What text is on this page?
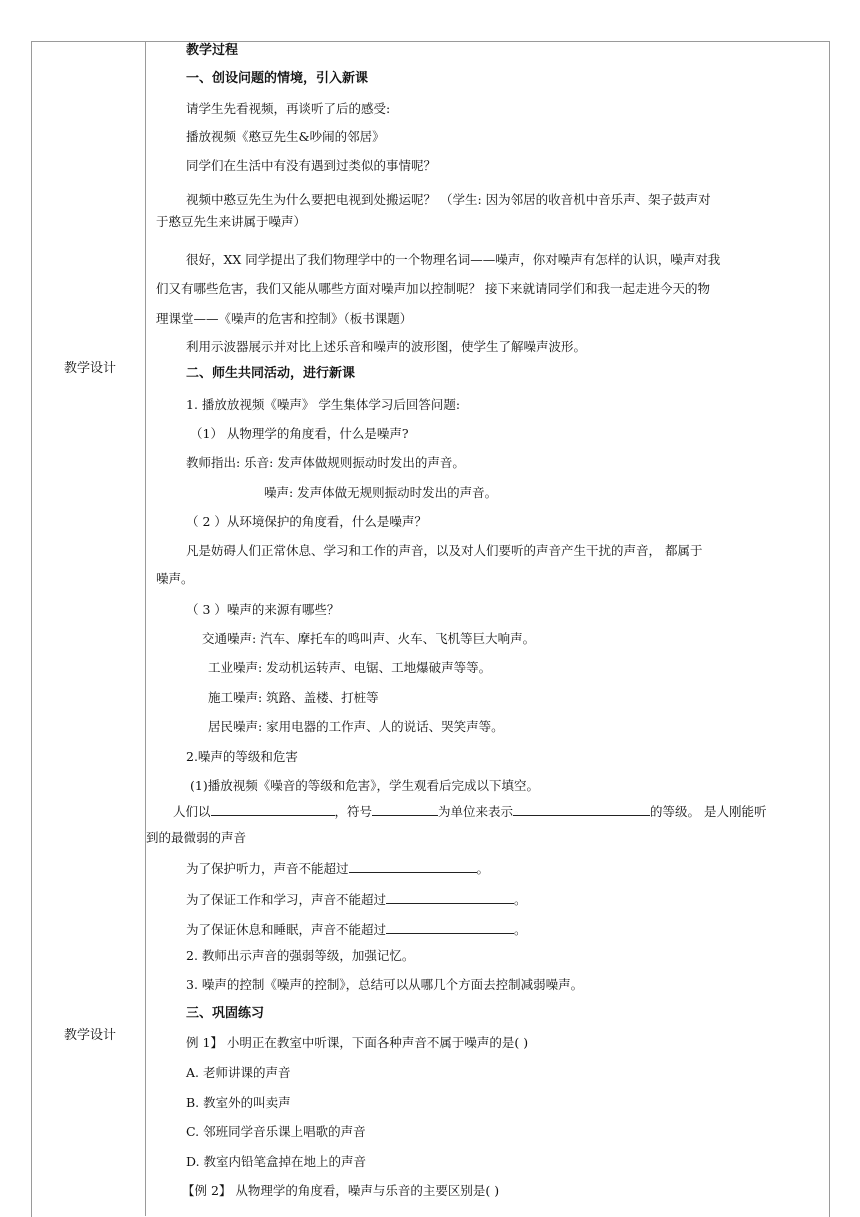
教学设计
教学设计
教学过程
一、创设问题的情境，引入新课
请学生先看视频，再谈听了后的感受:
播放视频《憨豆先生&吵闹的邻居》
同学们在生活中有没有遇到过类似的事情呢？
视频中憨豆先生为什么要把电视到处搬运呢？ （学生: 因为邻居的收音机中音乐声、架子鼓声对
于憨豆先生来讲属于噪声）
很好，XX 同学提出了我们物理学中的一个物理名词——噪声，你对噪声有怎样的认识，噪声对我
们又有哪些危害，我们又能从哪些方面对噪声加以控制呢？ 接下来就请同学们和我一起走进今天的物
理课堂——《噪声的危害和控制》（板书课题）
利用示波器展示并对比上述乐音和噪声的波形图，使学生了解噪声波形。
二、师生共同活动，进行新课
1. 播放放视频《噪声》 学生集体学习后回答问题:
（1） 从物理学的角度看，什么是噪声?
教师指出: 乐音: 发声体做规则振动时发出的声音。
噪声: 发声体做无规则振动时发出的声音。
（ 2 ）从环境保护的角度看，什么是噪声？
凡是妨碍人们正常休息、学习和工作的声音，以及对人们要听的声音产生干扰的声音， 都属于
噪声。
（ 3 ）噪声的来源有哪些？
交通噪声: 汽车、摩托车的鸣叫声、火车、飞机等巨大响声。
工业噪声: 发动机运转声、电锯、工地爆破声等等。
施工噪声: 筑路、盖楼、打桩等
居民噪声: 家用电器的工作声、人的说话、哭笑声等。
2.噪声的等级和危害
(1)播放视频《噪音的等级和危害》，学生观看后完成以下填空。
人们以	，符号	为单位来表示	的等级。 是人刚能听
到的最微弱的声音
为了保护听力，声音不能超过	。
为了保证工作和学习，声音不能超过	。
为了保证休息和睡眠，声音不能超过	。
2. 教师出示声音的强弱等级，加强记忆。
3. 噪声的控制《噪声的控制》，总结可以从哪几个方面去控制减弱噪声。
三、巩固练习
例 1】 小明正在教室中听课，下面各种声音不属于噪声的是( )
A. 老师讲课的声音
B. 教室外的叫卖声
C. 邻班同学音乐课上唱歌的声音
D. 教室内铅笔盒掉在地上的声音
【例 2】 从物理学的角度看，噪声与乐音的主要区别是( )
